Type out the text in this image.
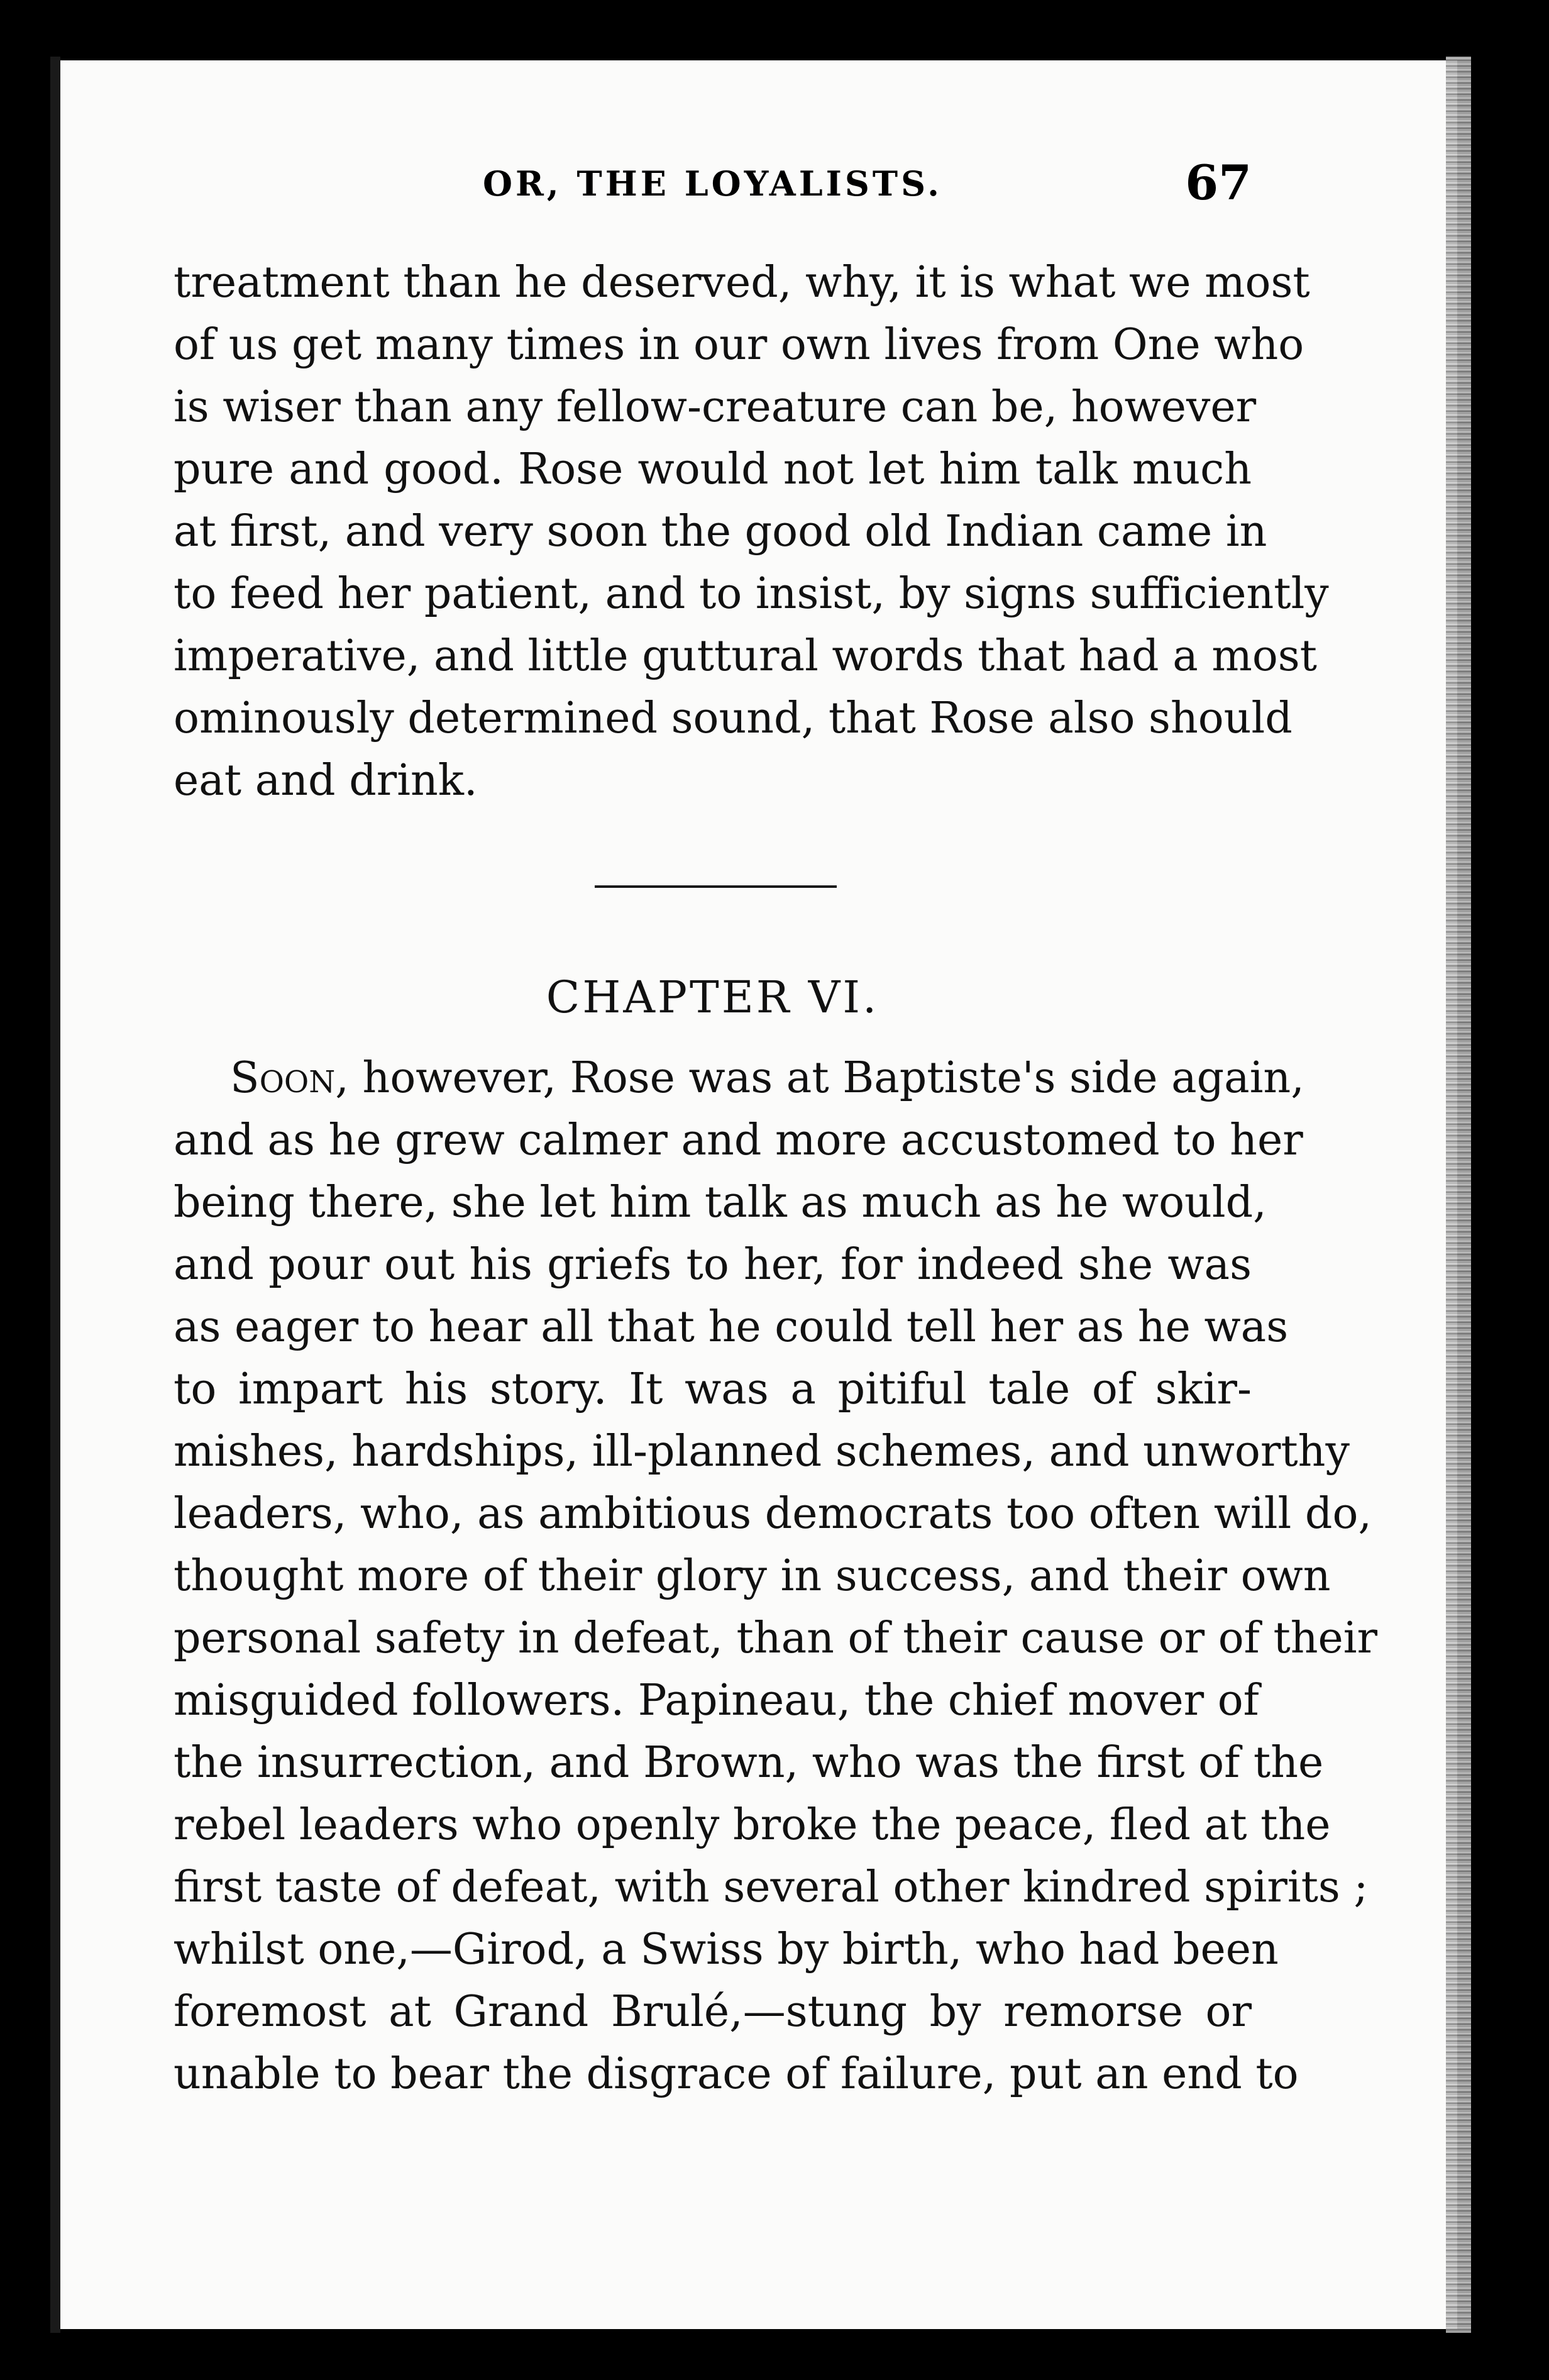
OR, THE LOYALISTS.	67

treatment than he deserved, why, it is what we most
of us get many times in our own lives from One who
is wiser than any fellow-creature can be, however
pure and good. Rose would not let him talk much
at first, and very soon the good old Indian came in
to feed her patient, and to insist, by signs sufficiently
imperative, and little guttural words that had a most
ominously determined sound, that Rose also should
eat and drink.

CHAPTER VI.

Soon, however, Rose was at Baptiste's side again,
and as he grew calmer and more accustomed to her
being there, she let him talk as much as he would,
and pour out his griefs to her, for indeed she was
as eager to hear all that he could tell her as he was
to impart his story. It was a pitiful tale of skir-
mishes, hardships, ill-planned schemes, and unworthy
leaders, who, as ambitious democrats too often will do,
thought more of their glory in success, and their own
personal safety in defeat, than of their cause or of their
misguided followers. Papineau, the chief mover of
the insurrection, and Brown, who was the first of the
rebel leaders who openly broke the peace, fled at the
first taste of defeat, with several other kindred spirits ;
whilst one,—Girod, a Swiss by birth, who had been
foremost at Grand Brulé,—stung by remorse or
unable to bear the disgrace of failure, put an end to
